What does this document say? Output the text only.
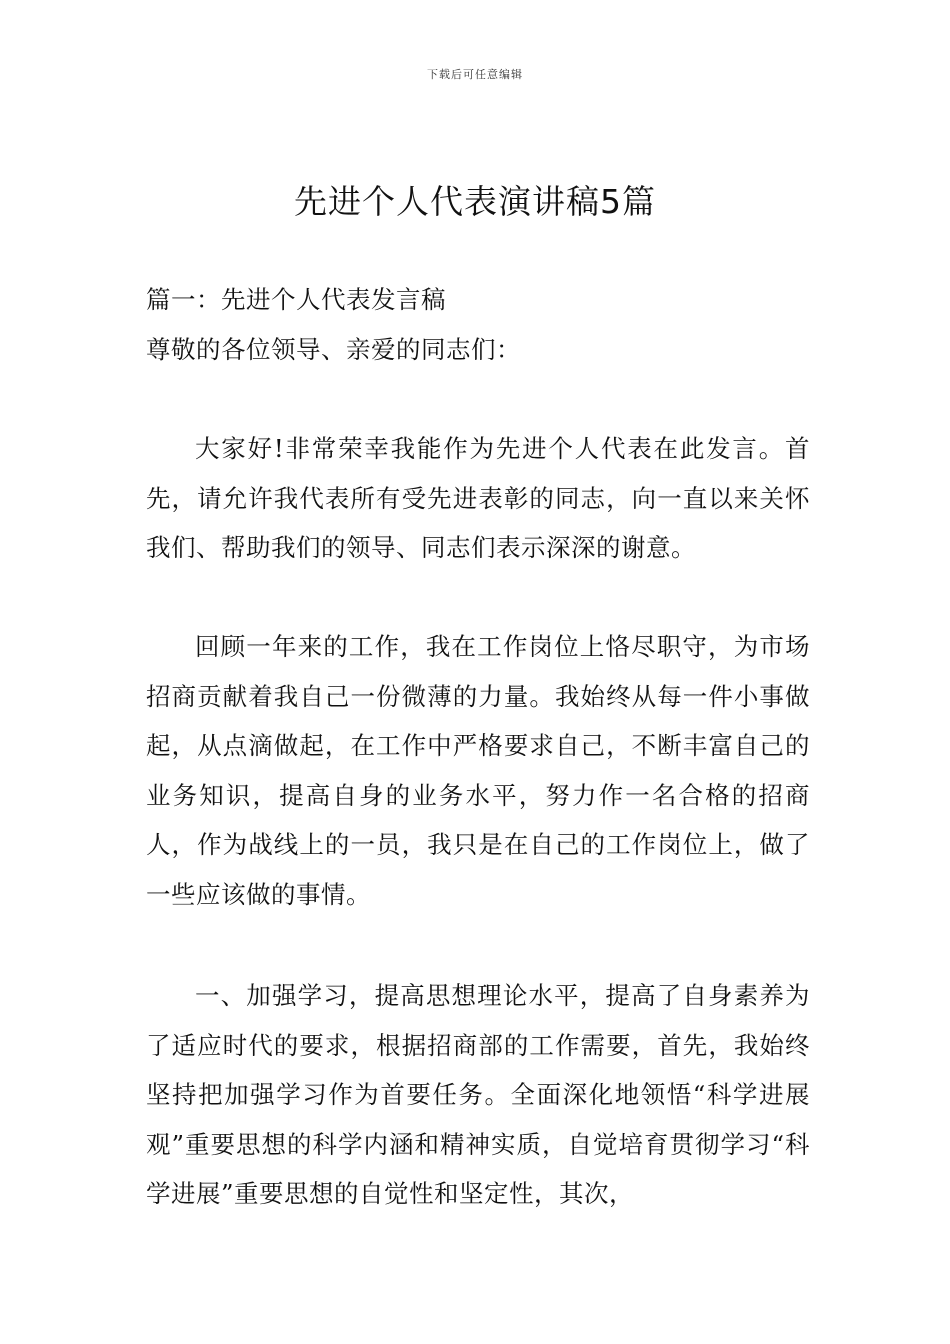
下载后可任意编辑
先进个人代表演讲稿5篇
篇一：先进个人代表发言稿
尊敬的各位领导、亲爱的同志们：

大家好!非常荣幸我能作为先进个人代表在此发言。首先，请允许我代表所有受先进表彰的同志，向一直以来关怀我们、帮助我们的领导、同志们表示深深的谢意。

回顾一年来的工作，我在工作岗位上恪尽职守，为市场招商贡献着我自己一份微薄的力量。我始终从每一件小事做起，从点滴做起，在工作中严格要求自己，不断丰富自己的业务知识，提高自身的业务水平，努力作一名合格的招商人，作为战线上的一员，我只是在自己的工作岗位上，做了一些应该做的事情。

一、加强学习，提高思想理论水平，提高了自身素养为了适应时代的要求，根据招商部的工作需要，首先，我始终坚持把加强学习作为首要任务。全面深化地领悟“科学进展观”重要思想的科学内涵和精神实质，自觉培育贯彻学习“科学进展”重要思想的自觉性和坚定性，其次，
